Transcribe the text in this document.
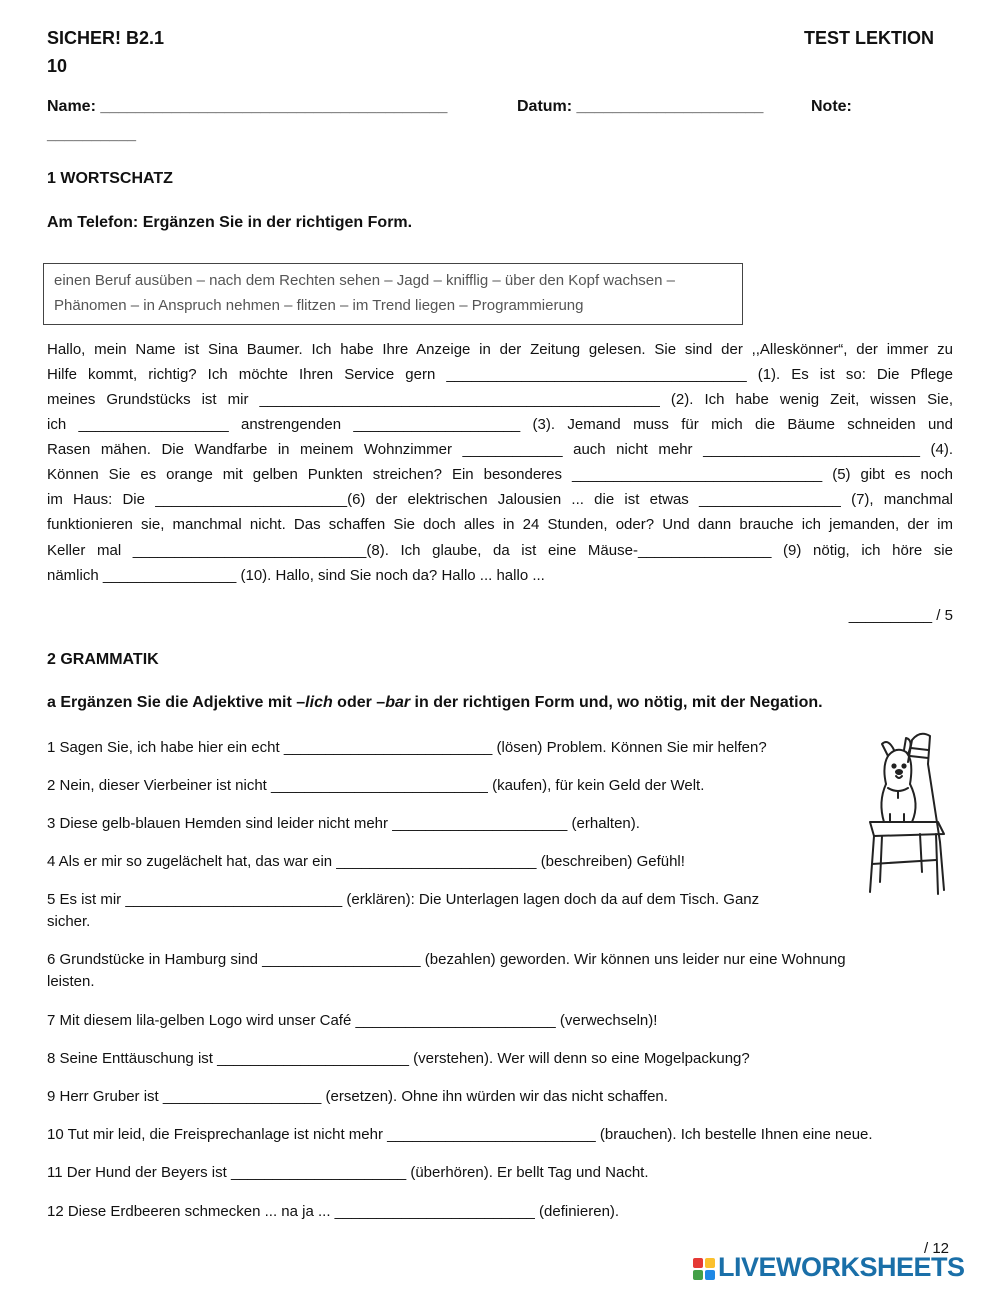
SICHER! B2.1	TEST LEKTION
10
Name: _______________________________________	Datum: _____________________	Note:
__________
1 WORTSCHATZ
Am Telefon: Ergänzen Sie in der richtigen Form.
einen Beruf ausüben – nach dem Rechten sehen – Jagd – knifflig – über den Kopf wachsen –
Phänomen – in Anspruch nehmen – flitzen – im Trend liegen – Programmierung
Hallo, mein Name ist Sina Baumer. Ich habe Ihre Anzeige in der Zeitung gelesen. Sie sind der ,,Alleskönner“, der immer zu
Hilfe kommt, richtig? Ich möchte Ihren Service gern ____________________________________ (1). Es ist so: Die Pflege
meines Grundstücks ist mir ________________________________________________ (2). Ich habe wenig Zeit, wissen Sie,
ich __________________ anstrengenden ____________________ (3). Jemand muss für mich die Bäume schneiden und
Rasen mähen. Die Wandfarbe in meinem Wohnzimmer ____________ auch nicht mehr __________________________ (4).
Können Sie es orange mit gelben Punkten streichen? Ein besonderes ______________________________ (5) gibt es noch
im Haus: Die _______________________(6) der elektrischen Jalousien ... die ist etwas _________________ (7), manchmal
funktionieren sie, manchmal nicht. Das schaffen Sie doch alles in 24 Stunden, oder? Und dann brauche ich jemanden, der im
Keller mal ____________________________(8). Ich glaube, da ist eine Mäuse-________________ (9) nötig, ich höre sie
nämlich ________________ (10). Hallo, sind Sie noch da? Hallo ... hallo ...
__________ / 5
2 GRAMMATIK
a Ergänzen Sie die Adjektive mit –lich oder –bar in der richtigen Form und, wo nötig, mit der Negation.
1 Sagen Sie, ich habe hier ein echt _________________________ (lösen) Problem. Können Sie mir helfen?
2 Nein, dieser Vierbeiner ist nicht __________________________ (kaufen), für kein Geld der Welt.
3 Diese gelb-blauen Hemden sind leider nicht mehr _____________________ (erhalten).
4 Als er mir so zugelächelt hat, das war ein ________________________ (beschreiben) Gefühl!
5 Es ist mir __________________________ (erklären): Die Unterlagen lagen doch da auf dem Tisch. Ganz
sicher.
6 Grundstücke in Hamburg sind ___________________ (bezahlen) geworden. Wir können uns leider nur eine Wohnung
leisten.
7 Mit diesem lila-gelben Logo wird unser Café ________________________ (verwechseln)!
8 Seine Enttäuschung ist _______________________ (verstehen). Wer will denn so eine Mogelpackung?
9 Herr Gruber ist ___________________ (ersetzen). Ohne ihn würden wir das nicht schaffen.
10 Tut mir leid, die Freisprechanlage ist nicht mehr _________________________ (brauchen). Ich bestelle Ihnen eine neue.
11 Der Hund der Beyers ist _____________________ (überhören). Er bellt Tag und Nacht.
12 Diese Erdbeeren schmecken ... na ja ... ________________________ (definieren).
/ 12
LIVEWORKSHEETS
